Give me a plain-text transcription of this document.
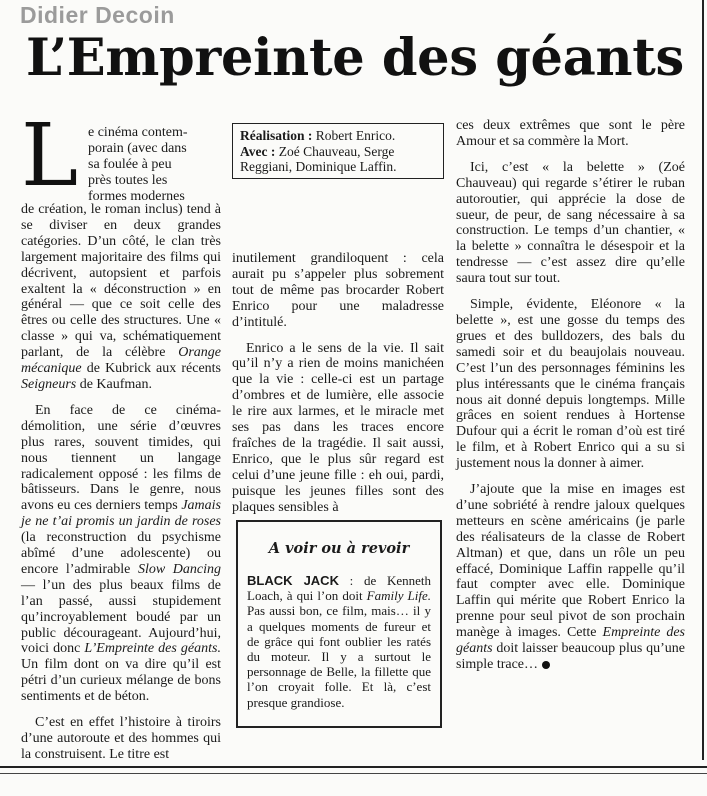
Didier Decoin
L’Empreinte des géants
L e cinéma contem-
porain (avec dans
sa foulée à peu
près toutes les
formes modernes

de création, le roman inclus) tend à se diviser en deux grandes catégories. D’un côté, le clan très largement majoritaire des films qui décrivent, autopsient et parfois exaltent la « déconstruction » en général — que ce soit celle des êtres ou celle des structures. Une « classe » qui va, schématiquement parlant, de la célèbre Orange mécanique de Kubrick aux récents Seigneurs de Kaufman.

En face de ce cinéma-démolition, une série d’œuvres plus rares, souvent timides, qui nous tiennent un langage radicalement opposé : les films de bâtisseurs. Dans le genre, nous avons eu ces derniers temps Jamais je ne t’ai promis un jardin de roses (la reconstruction du psychisme abîmé d’une adolescente) ou encore l’admirable Slow Dancing — l’un des plus beaux films de l’an passé, aussi stupidement qu’incroyablement boudé par un public décourageant. Aujourd’hui, voici donc L’Empreinte des géants. Un film dont on va dire qu’il est pétri d’un curieux mélange de bons sentiments et de béton.

C’est en effet l’histoire à tiroirs d’une autoroute et des hommes qui la construisent. Le titre est

Réalisation : Robert Enrico.
Avec : Zoé Chauveau, Serge Reggiani, Dominique Laffin.

inutilement grandiloquent : cela aurait pu s’appeler plus sobrement tout de même pas brocarder Robert Enrico pour une maladresse d’intitulé.

Enrico a le sens de la vie. Il sait qu’il n’y a rien de moins manichéen que la vie : celle-ci est un partage d’ombres et de lumière, elle associe le rire aux larmes, et le miracle met ses pas dans les traces encore fraîches de la tragédie. Il sait aussi, Enrico, que le plus sûr regard est celui d’une jeune fille : eh oui, pardi, puisque les jeunes filles sont des plaques sensibles à

A voir ou à revoir
BLACK JACK : de Kenneth Loach, à qui l’on doit Family Life. Pas aussi bon, ce film, mais… il y a quelques moments de fureur et de grâce qui font oublier les ratés du moteur. Il y a surtout le personnage de Belle, la fillette que l’on croyait folle. Et là, c’est presque grandiose.

ces deux extrêmes que sont le père Amour et sa commère la Mort.

Ici, c’est « la belette » (Zoé Chauveau) qui regarde s’étirer le ruban autoroutier, qui apprécie la dose de sueur, de peur, de sang nécessaire à sa construction. Le temps d’un chantier, « la belette » connaîtra le désespoir et la tendresse — c’est assez dire qu’elle saura tout sur tout.

Simple, évidente, Eléonore « la belette », est une gosse du temps des grues et des bulldozers, des bals du samedi soir et du beaujolais nouveau. C’est l’un des personnages féminins les plus intéressants que le cinéma français nous ait donné depuis longtemps. Mille grâces en soient rendues à Hortense Dufour qui a écrit le roman d’où est tiré le film, et à Robert Enrico qui a su si justement nous la donner à aimer.

J’ajoute que la mise en images est d’une sobriété à rendre jaloux quelques metteurs en scène américains (je parle des réalisateurs de la classe de Robert Altman) et que, dans un rôle un peu effacé, Dominique Laffin rappelle qu’il faut compter avec elle. Dominique Laffin qui mérite que Robert Enrico la prenne pour seul pivot de son prochain manège à images. Cette Empreinte des géants doit laisser beaucoup plus qu’une simple trace…
